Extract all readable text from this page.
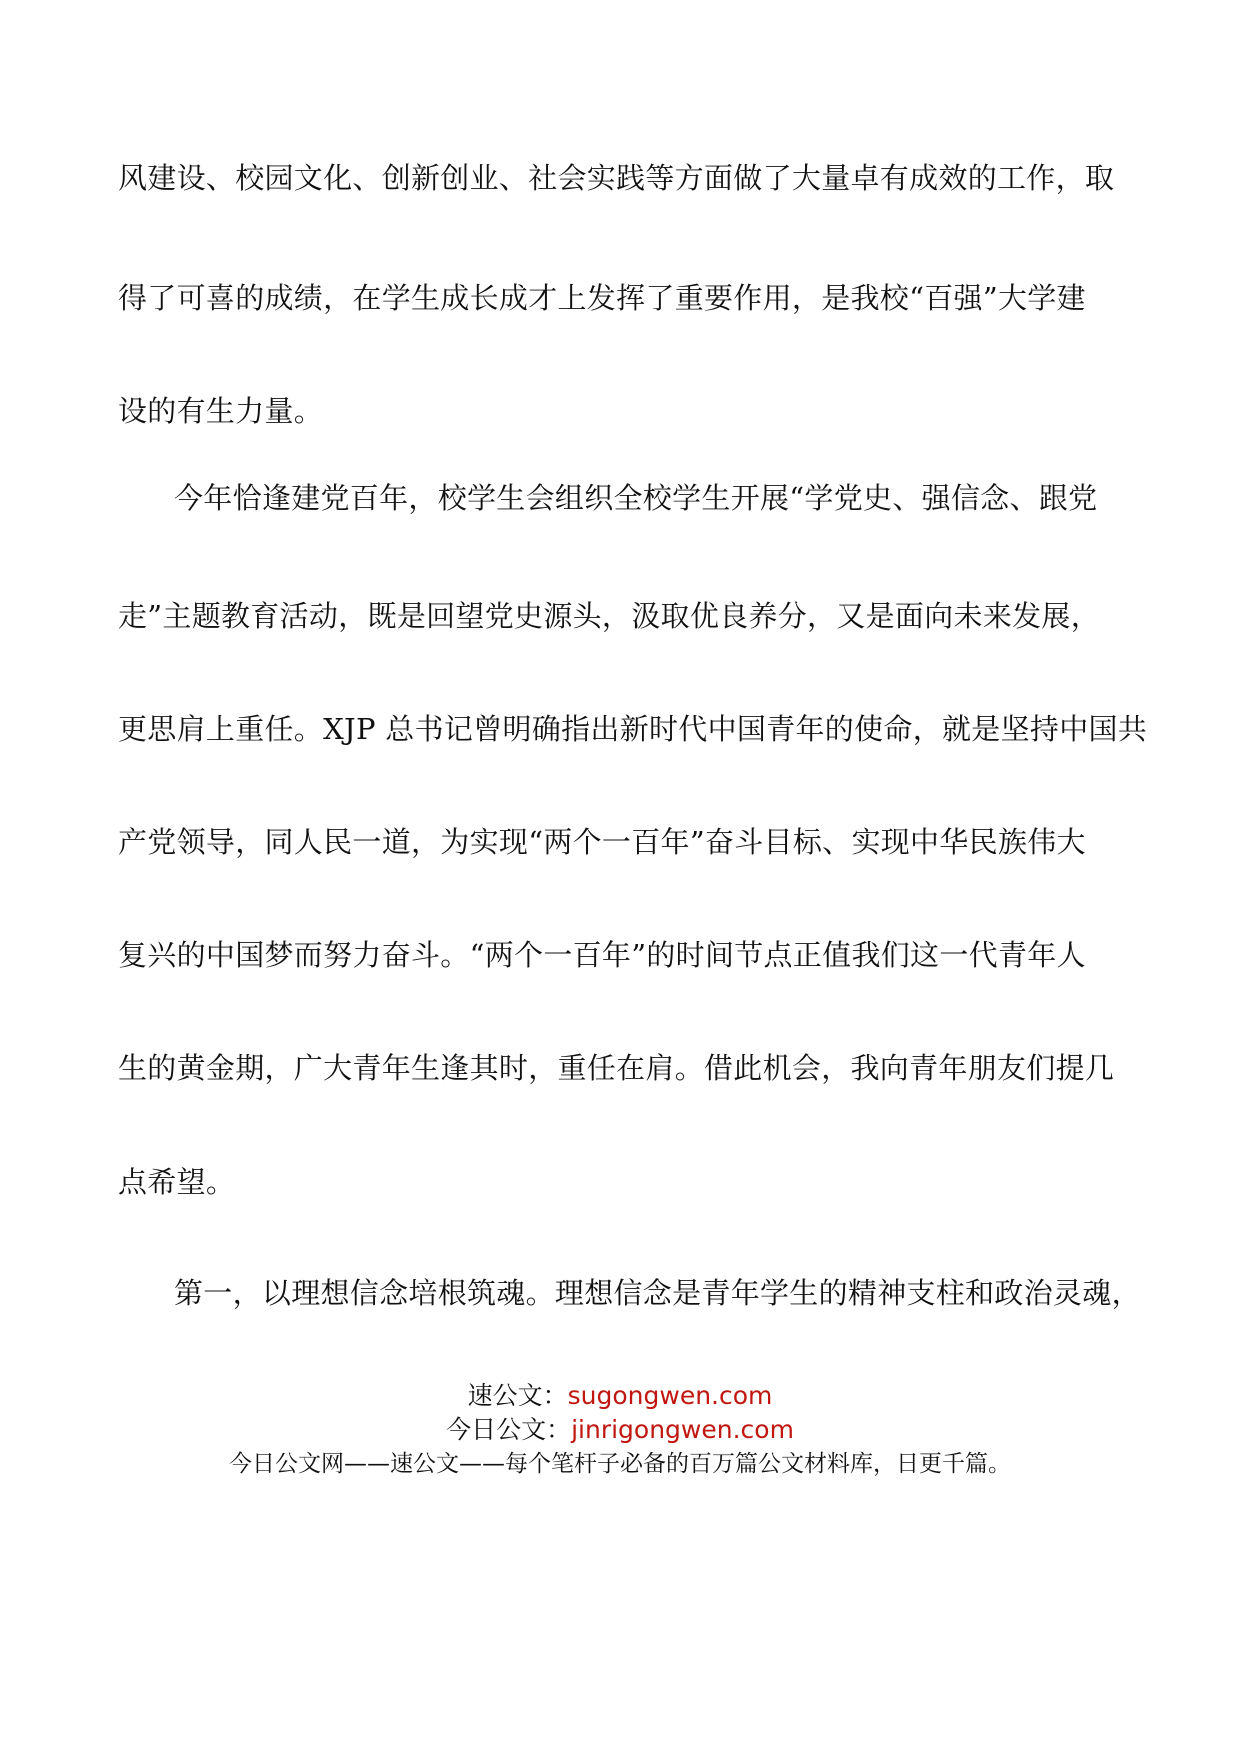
风建设、校园文化、创新创业、社会实践等方面做了大量卓有成效的工作，取
得了可喜的成绩，在学生成长成才上发挥了重要作用，是我校“百强”大学建
设的有生力量。
今年恰逢建党百年，校学生会组织全校学生开展“学党史、强信念、跟党
走”主题教育活动，既是回望党史源头，汲取优良养分，又是面向未来发展，
更思肩上重任。XJP 总书记曾明确指出新时代中国青年的使命，就是坚持中国共
产党领导，同人民一道，为实现“两个一百年”奋斗目标、实现中华民族伟大
复兴的中国梦而努力奋斗。“两个一百年”的时间节点正值我们这一代青年人
生的黄金期，广大青年生逢其时，重任在肩。借此机会，我向青年朋友们提几
点希望。
第一，以理想信念培根筑魂。理想信念是青年学生的精神支柱和政治灵魂，
速公文：sugongwen.com
今日公文：jinrigongwen.com
今日公文网——速公文——每个笔杆子必备的百万篇公文材料库，日更千篇。
